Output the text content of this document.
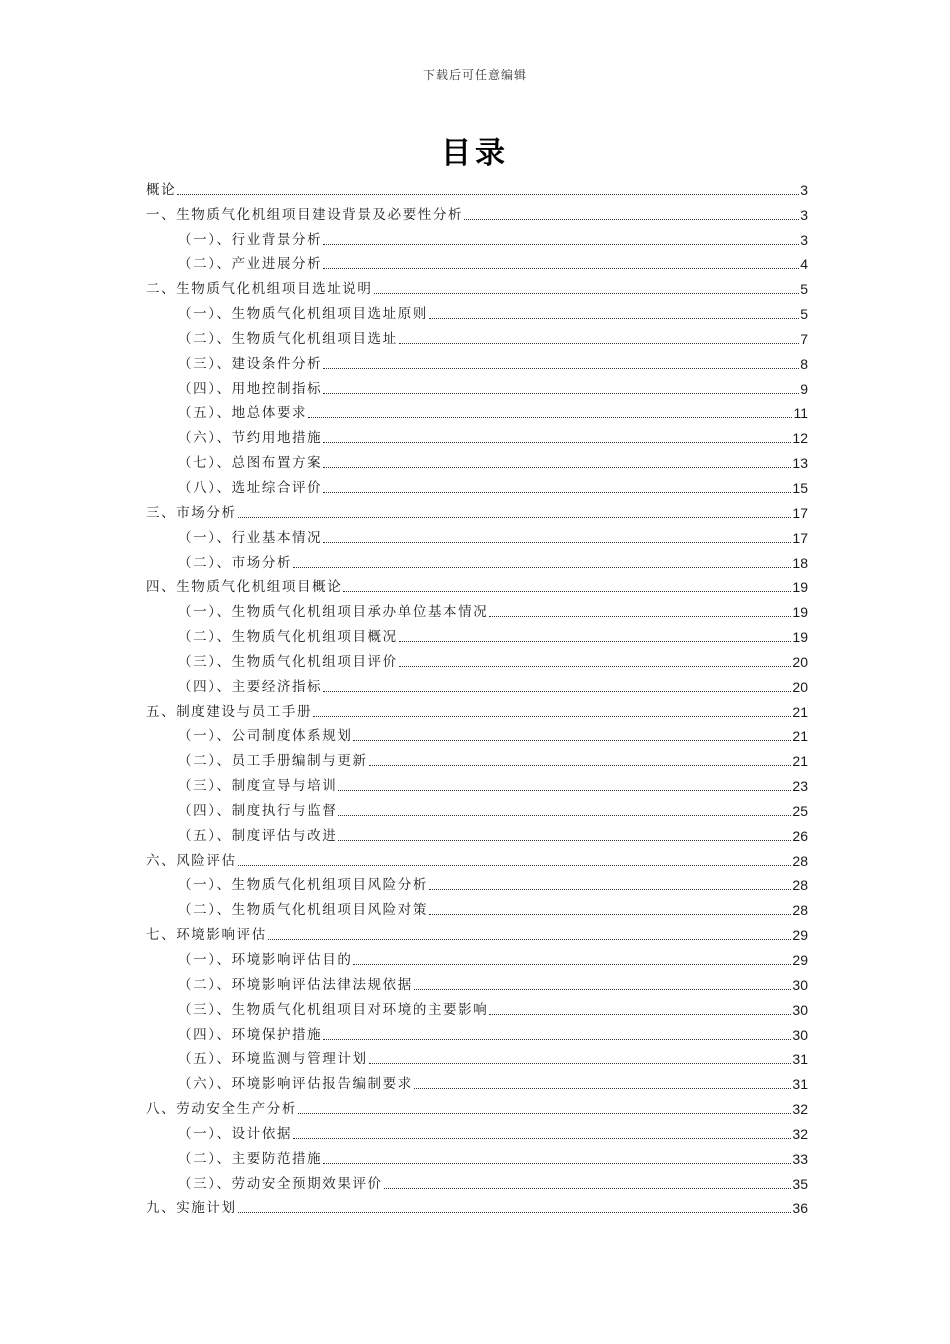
下载后可任意编辑
目录
概论	3
一、生物质气化机组项目建设背景及必要性分析	3
（一）、行业背景分析	3
（二）、产业进展分析	4
二、生物质气化机组项目选址说明	5
（一）、生物质气化机组项目选址原则	5
（二）、生物质气化机组项目选址	7
（三）、建设条件分析	8
（四）、用地控制指标	9
（五）、地总体要求	11
（六）、节约用地措施	12
（七）、总图布置方案	13
（八）、选址综合评价	15
三、市场分析	17
（一）、行业基本情况	17
（二）、市场分析	18
四、生物质气化机组项目概论	19
（一）、生物质气化机组项目承办单位基本情况	19
（二）、生物质气化机组项目概况	19
（三）、生物质气化机组项目评价	20
（四）、主要经济指标	20
五、制度建设与员工手册	21
（一）、公司制度体系规划	21
（二）、员工手册编制与更新	21
（三）、制度宣导与培训	23
（四）、制度执行与监督	25
（五）、制度评估与改进	26
六、风险评估	28
（一）、生物质气化机组项目风险分析	28
（二）、生物质气化机组项目风险对策	28
七、环境影响评估	29
（一）、环境影响评估目的	29
（二）、环境影响评估法律法规依据	30
（三）、生物质气化机组项目对环境的主要影响	30
（四）、环境保护措施	30
（五）、环境监测与管理计划	31
（六）、环境影响评估报告编制要求	31
八、劳动安全生产分析	32
（一）、设计依据	32
（二）、主要防范措施	33
（三）、劳动安全预期效果评价	35
九、实施计划	36
